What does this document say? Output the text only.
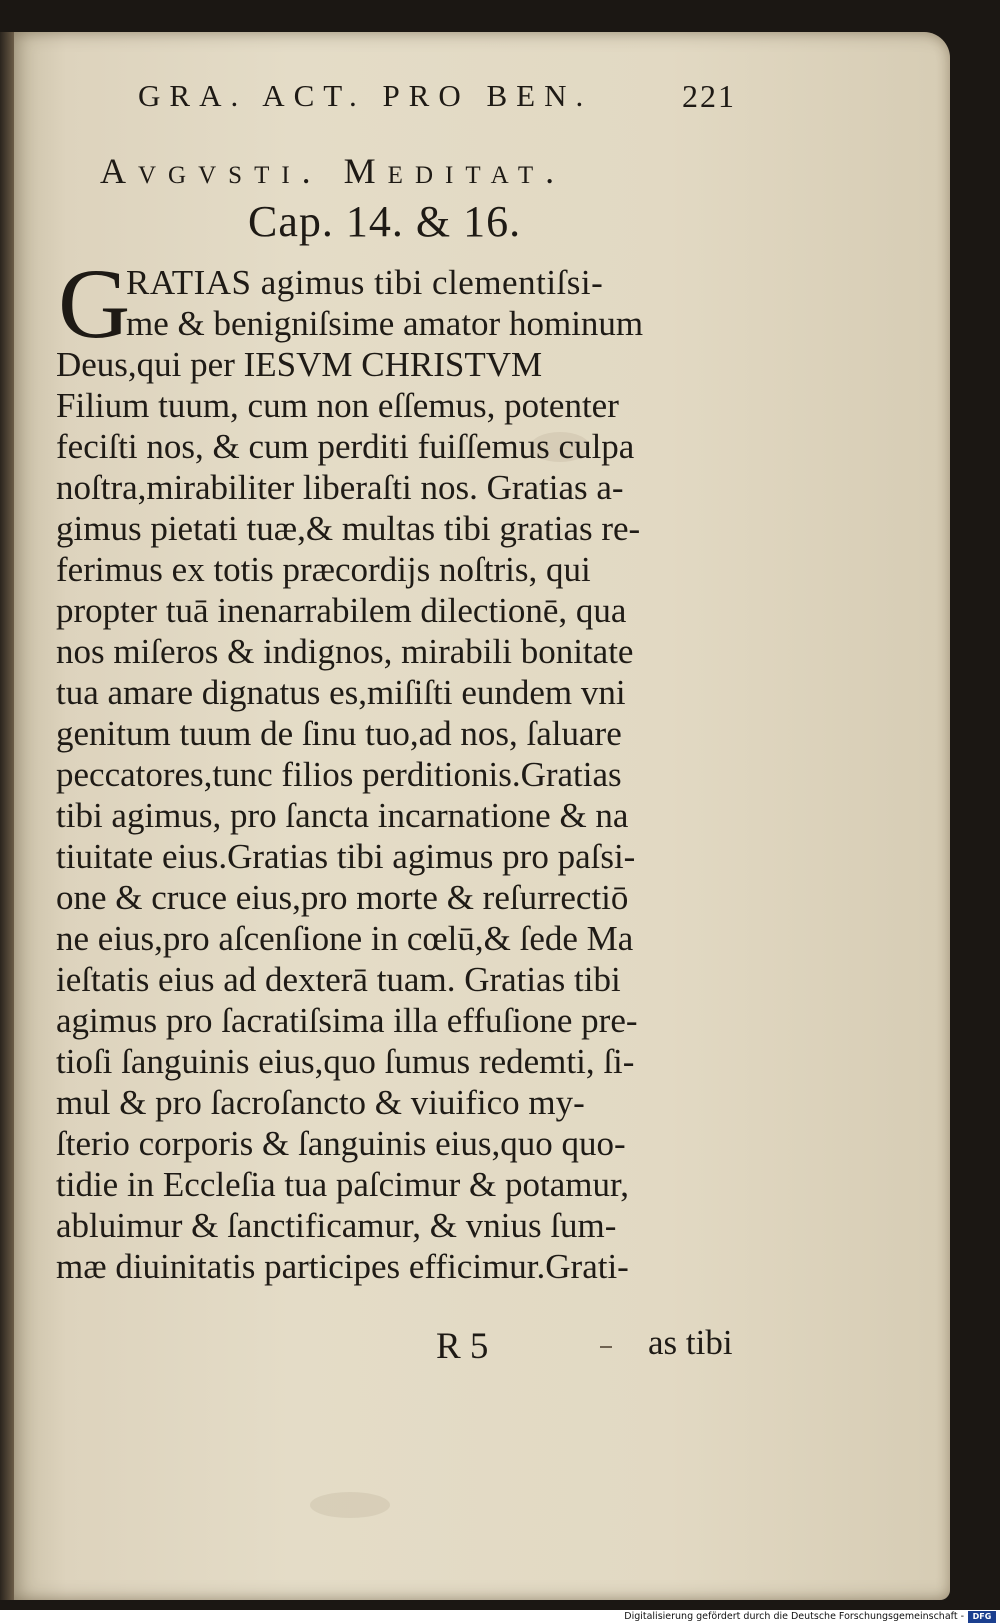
GRA. ACT. PRO BEN.	221
Avgvsti. Meditat.
Cap. 14. & 16.
G
RATIAS agimus tibi clementiſsi-
me & benigniſsime amator hominum
Deus,qui per IESVM CHRISTVM
Filium tuum, cum non eſſemus, potenter
feciſti nos, & cum perditi fuiſſemus culpa
noſtra,mirabiliter liberaſti nos. Gratias a-
gimus pietati tuæ,& multas tibi gratias re-
ferimus ex totis præcordijs noſtris, qui
propter tuā inenarrabilem dilectionē, qua
nos miſeros & indignos, mirabili bonitate
tua amare dignatus es,miſiſti eundem vni
genitum tuum de ſinu tuo,ad nos, ſaluare
peccatores,tunc filios perditionis.Gratias
tibi agimus, pro ſancta incarnatione & na
tiuitate eius.Gratias tibi agimus pro paſsi-
one & cruce eius,pro morte & reſurrectiō
ne eius,pro aſcenſione in cœlū,& ſede Ma
ieſtatis eius ad dexterā tuam. Gratias tibi
agimus pro ſacratiſsima illa effuſione pre-
tioſi ſanguinis eius,quo ſumus redemti, ſi-
mul & pro ſacroſancto & viuifico my-
ſterio corporis & ſanguinis eius,quo quo-
tidie in Eccleſia tua paſcimur & potamur,
abluimur & ſanctificamur, & vnius ſum-
mæ diuinitatis participes efficimur.Grati-
R 5	as tibi
Digitalisierung gefördert durch die Deutsche Forschungsgemeinschaft -	DFG
